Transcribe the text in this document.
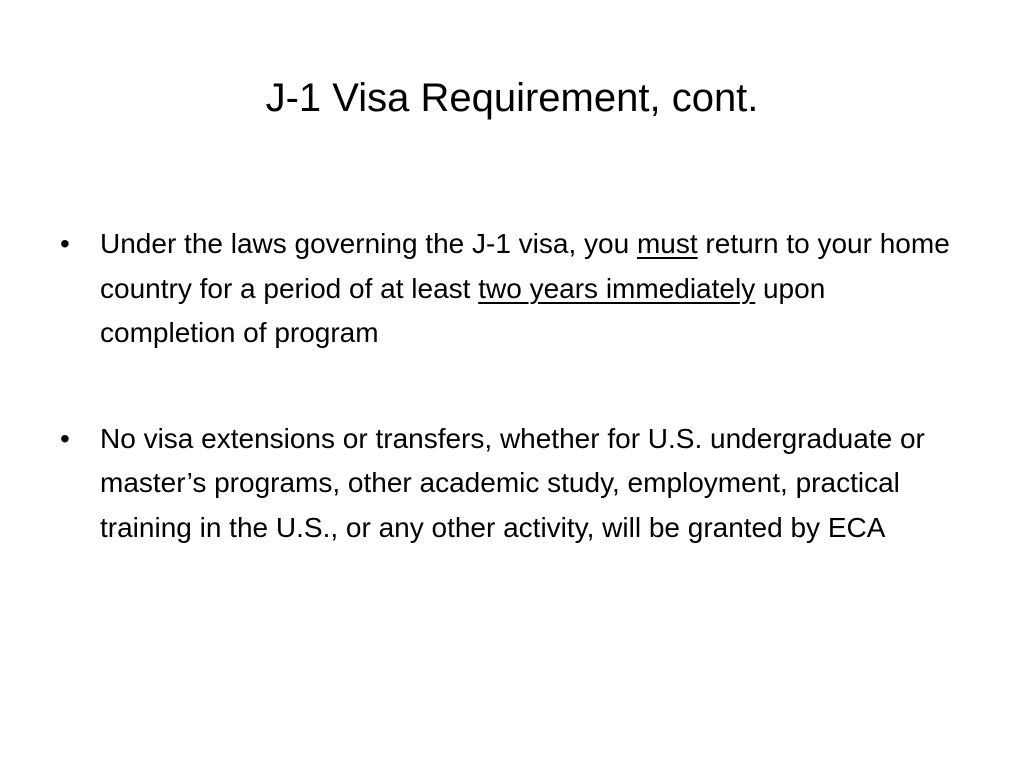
J-1 Visa Requirement, cont.
•	Under the laws governing the J-1 visa, you must return to your home country for a period of at least two years immediately upon completion of program
•	No visa extensions or transfers, whether for U.S. undergraduate or master’s programs, other academic study, employment, practical training in the U.S., or any other activity, will be granted by ECA
